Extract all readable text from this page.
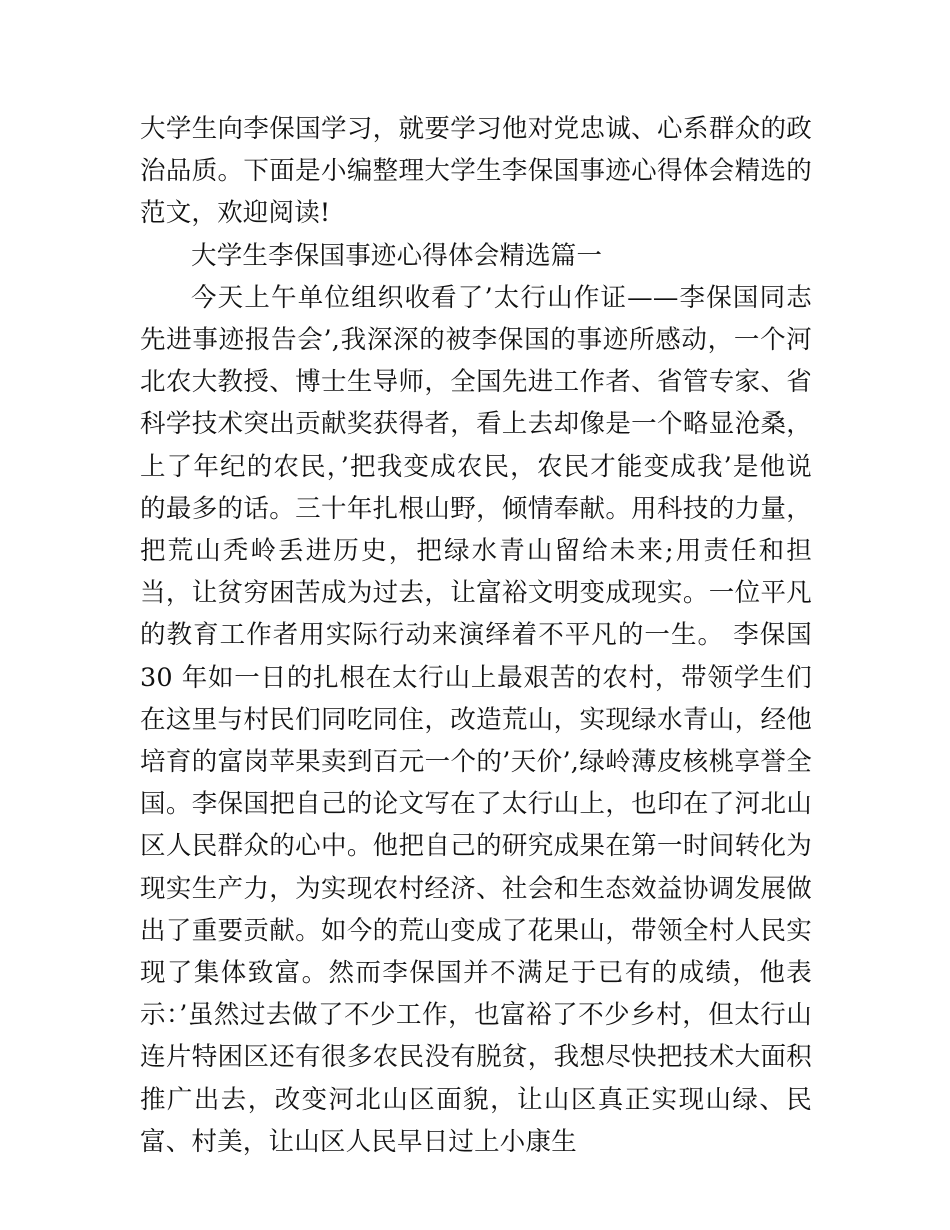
大学生向李保国学习，就要学习他对党忠诚、心系群众的政治品质。下面是小编整理大学生李保国事迹心得体会精选的范文，欢迎阅读!

大学生李保国事迹心得体会精选篇一

今天上午单位组织收看了’太行山作证——李保国同志先进事迹报告会’,我深深的被李保国的事迹所感动，一个河北农大教授、博士生导师，全国先进工作者、省管专家、省科学技术突出贡献奖获得者，看上去却像是一个略显沧桑，上了年纪的农民，’把我变成农民，农民才能变成我’是他说的最多的话。三十年扎根山野，倾情奉献。用科技的力量，把荒山秃岭丢进历史，把绿水青山留给未来;用责任和担当，让贫穷困苦成为过去，让富裕文明变成现实。一位平凡的教育工作者用实际行动来演绎着不平凡的一生。 李保国 30 年如一日的扎根在太行山上最艰苦的农村，带领学生们在这里与村民们同吃同住，改造荒山，实现绿水青山，经他培育的富岗苹果卖到百元一个的’天价’,绿岭薄皮核桃享誉全国。李保国把自己的论文写在了太行山上，也印在了河北山区人民群众的心中。他把自己的研究成果在第一时间转化为现实生产力，为实现农村经济、社会和生态效益协调发展做出了重要贡献。如今的荒山变成了花果山，带领全村人民实现了集体致富。然而李保国并不满足于已有的成绩，他表示：’虽然过去做了不少工作，也富裕了不少乡村，但太行山连片特困区还有很多农民没有脱贫，我想尽快把技术大面积推广出去，改变河北山区面貌，让山区真正实现山绿、民富、村美，让山区人民早日过上小康生
